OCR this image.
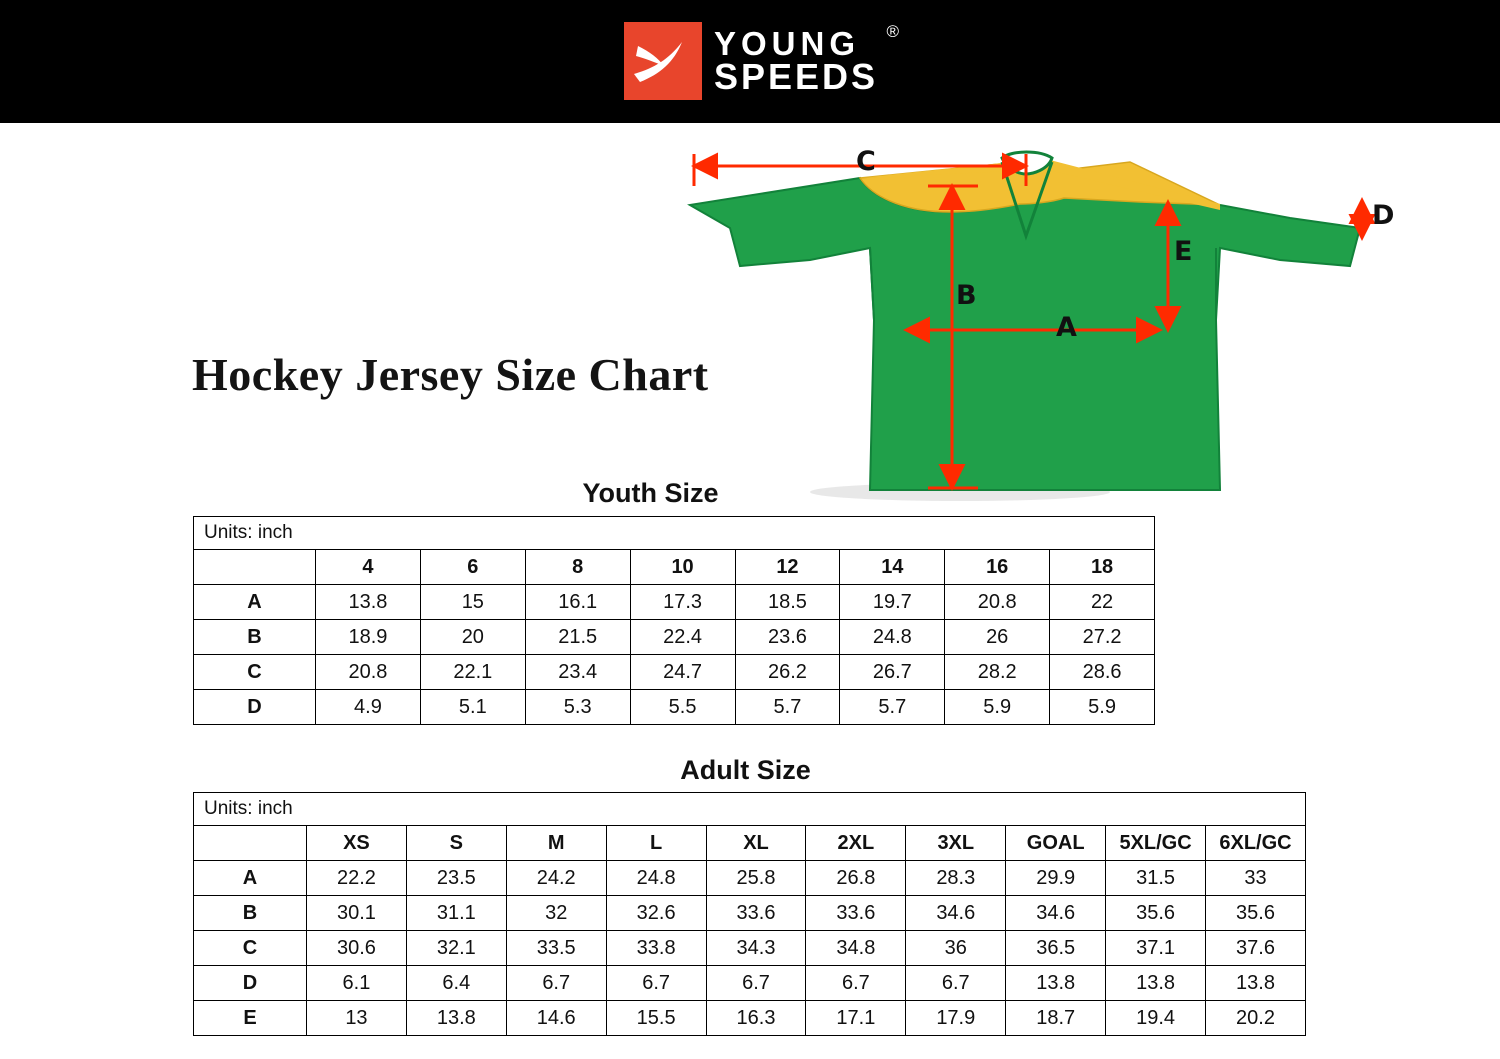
YOUNG
SPEEDS
®
C
B
A
E
D
Hockey Jersey Size Chart
Youth Size
Units: inch								
	4	6	8	10	12	14	16	18
A	13.8	15	16.1	17.3	18.5	19.7	20.8	22
B	18.9	20	21.5	22.4	23.6	24.8	26	27.2
C	20.8	22.1	23.4	24.7	26.2	26.7	28.2	28.6
D	4.9	5.1	5.3	5.5	5.7	5.7	5.9	5.9
Adult Size
Units: inch										
	XS	S	M	L	XL	2XL	3XL	GOAL	5XL/GC	6XL/GC
A	22.2	23.5	24.2	24.8	25.8	26.8	28.3	29.9	31.5	33
B	30.1	31.1	32	32.6	33.6	33.6	34.6	34.6	35.6	35.6
C	30.6	32.1	33.5	33.8	34.3	34.8	36	36.5	37.1	37.6
D	6.1	6.4	6.7	6.7	6.7	6.7	6.7	13.8	13.8	13.8
E	13	13.8	14.6	15.5	16.3	17.1	17.9	18.7	19.4	20.2
